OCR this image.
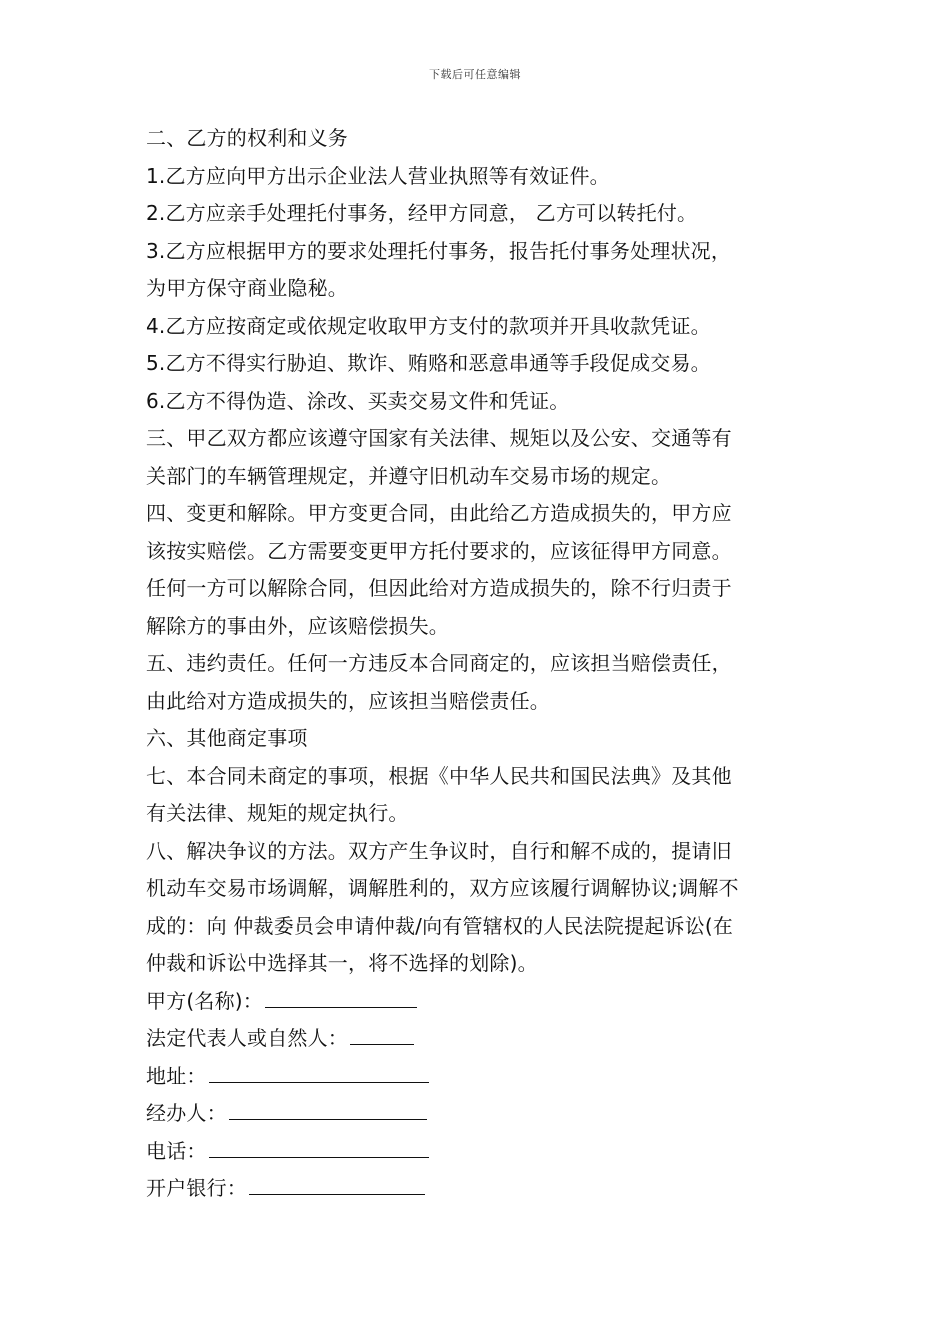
下载后可任意编辑

二、乙方的权利和义务

1.乙方应向甲方出示企业法人营业执照等有效证件。

2.乙方应亲手处理托付事务，经甲方同意， 乙方可以转托付。

3.乙方应根据甲方的要求处理托付事务，报告托付事务处理状况，

为甲方保守商业隐秘。

4.乙方应按商定或依规定收取甲方支付的款项并开具收款凭证。

5.乙方不得实行胁迫、欺诈、贿赂和恶意串通等手段促成交易。

6.乙方不得伪造、涂改、买卖交易文件和凭证。

三、甲乙双方都应该遵守国家有关法律、规矩以及公安、交通等有

关部门的车辆管理规定，并遵守旧机动车交易市场的规定。

四、变更和解除。甲方变更合同，由此给乙方造成损失的，甲方应

该按实赔偿。乙方需要变更甲方托付要求的，应该征得甲方同意。

任何一方可以解除合同，但因此给对方造成损失的，除不行归责于

解除方的事由外，应该赔偿损失。

五、违约责任。任何一方违反本合同商定的，应该担当赔偿责任，

由此给对方造成损失的，应该担当赔偿责任。

六、其他商定事项

七、本合同未商定的事项，根据《中华人民共和国民法典》及其他

有关法律、规矩的规定执行。

八、解决争议的方法。双方产生争议时，自行和解不成的，提请旧

机动车交易市场调解，调解胜利的，双方应该履行调解协议;调解不

成的：向 仲裁委员会申请仲裁/向有管辖权的人民法院提起诉讼(在

仲裁和诉讼中选择其一，将不选择的划除)。

甲方(名称)：

法定代表人或自然人：

地址：

经办人：

电话：

开户银行：
